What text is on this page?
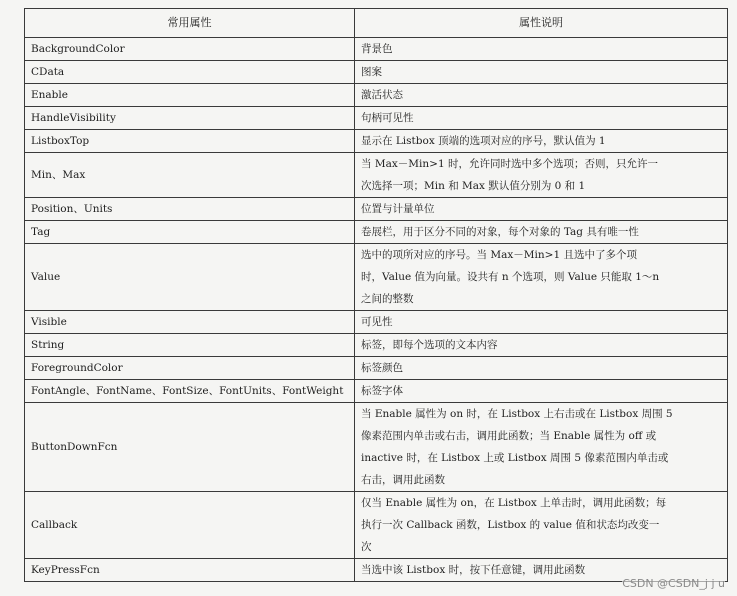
常用属性	属性说明
BackgroundColor	背景色

CData	图案

Enable	激活状态

HandleVisibility	句柄可见性

ListboxTop	显示在 Listbox 顶端的选项对应的序号，默认值为 1

Min、Max	当 Max－Min>1 时，允许同时选中多个选项；否则，只允许一
次选择一项；Min 和 Max 默认值分别为 0 和 1

Position、Units	位置与计量单位

Tag	卷展栏，用于区分不同的对象，每个对象的 Tag 具有唯一性

Value	选中的项所对应的序号。当 Max－Min>1 且选中了多个项
时，Value 值为向量。设共有 n 个选项，则 Value 只能取 1～n
之间的整数

Visible	可见性

String	标签，即每个选项的文本内容

ForegroundColor	标签颜色

FontAngle、FontName、FontSize、FontUnits、FontWeight	标签字体

ButtonDownFcn	当 Enable 属性为 on 时，在 Listbox 上右击或在 Listbox 周围 5
像素范围内单击或右击，调用此函数；当 Enable 属性为 off 或
inactive 时，在 Listbox 上或 Listbox 周围 5 像素范围内单击或
右击，调用此函数

Callback	仅当 Enable 属性为 on，在 Listbox 上单击时，调用此函数；每
执行一次 Callback 函数，Listbox 的 value 值和状态均改变一
次

KeyPressFcn	当选中该 Listbox 时，按下任意键，调用此函数
CSDN @CSDN_j j u
